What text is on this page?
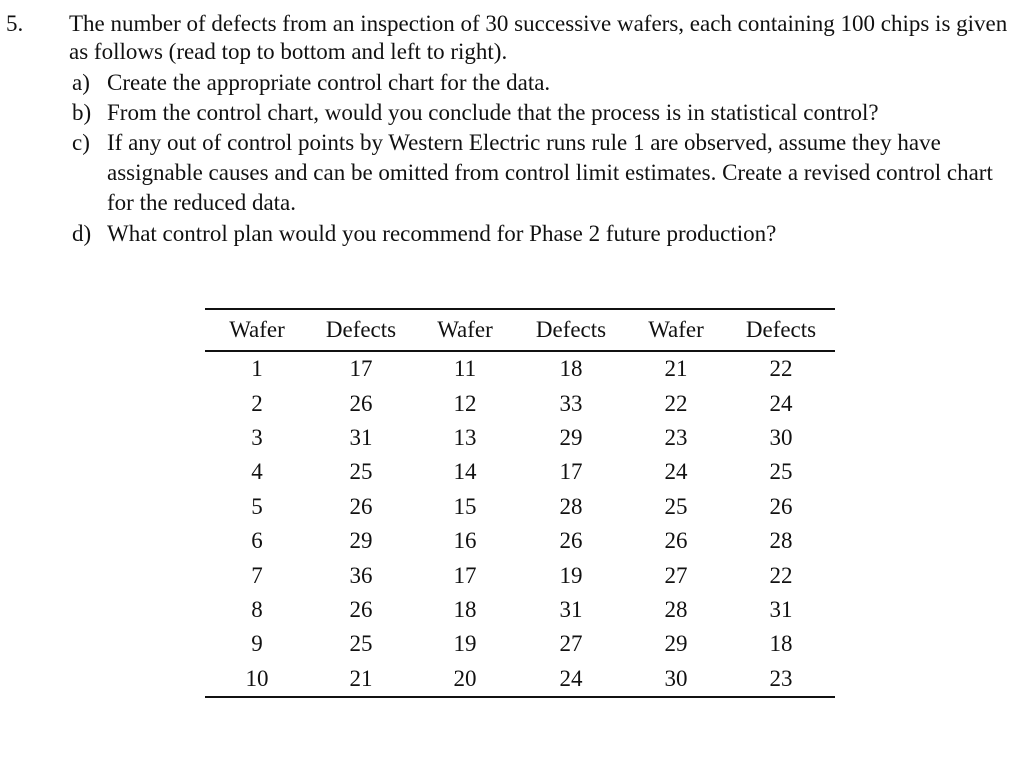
5. The number of defects from an inspection of 30 successive wafers, each containing 100 chips is given as follows (read top to bottom and left to right).
a) Create the appropriate control chart for the data.
b) From the control chart, would you conclude that the process is in statistical control?
c) If any out of control points by Western Electric runs rule 1 are observed, assume they have assignable causes and can be omitted from control limit estimates. Create a revised control chart for the reduced data.
d) What control plan would you recommend for Phase 2 future production?
Wafer	Defects	Wafer	Defects	Wafer	Defects
1	17	11	18	21	22
2	26	12	33	22	24
3	31	13	29	23	30
4	25	14	17	24	25
5	26	15	28	25	26
6	29	16	26	26	28
7	36	17	19	27	22
8	26	18	31	28	31
9	25	19	27	29	18
10	21	20	24	30	23
